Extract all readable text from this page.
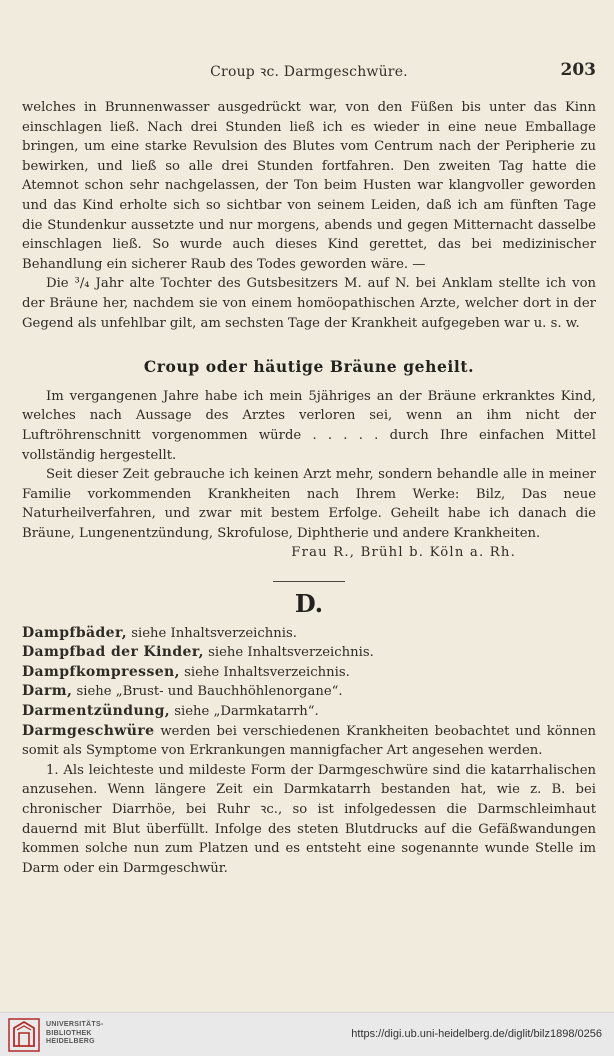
Croup ꝛc. Darmgeschwüre.	203

welches in Brunnenwasser ausgedrückt war, von den Füßen bis unter das Kinn einschlagen ließ. Nach drei Stunden ließ ich es wieder in eine neue Emballage bringen, um eine starke Revulsion des Blutes vom Centrum nach der Peripherie zu bewirken, und ließ so alle drei Stunden fortfahren. Den zweiten Tag hatte die Atemnot schon sehr nachgelassen, der Ton beim Husten war klangvoller geworden und das Kind erholte sich so sichtbar von seinem Leiden, daß ich am fünften Tage die Stundenkur aussetzte und nur morgens, abends und gegen Mitternacht dasselbe einschlagen ließ. So wurde auch dieses Kind gerettet, das bei medizinischer Behandlung ein sicherer Raub des Todes geworden wäre. —

Die ³/₄ Jahr alte Tochter des Gutsbesitzers M. auf N. bei Anklam stellte ich von der Bräune her, nachdem sie von einem homöopathischen Arzte, welcher dort in der Gegend als unfehlbar gilt, am sechsten Tage der Krankheit aufgegeben war u. s. w.

Croup oder häutige Bräune geheilt.

Im vergangenen Jahre habe ich mein 5jähriges an der Bräune erkranktes Kind, welches nach Aussage des Arztes verloren sei, wenn an ihm nicht der Luftröhrenschnitt vorgenommen würde . . . . . durch Ihre einfachen Mittel vollständig hergestellt.

Seit dieser Zeit gebrauche ich keinen Arzt mehr, sondern behandle alle in meiner Familie vorkommenden Krankheiten nach Ihrem Werke: Bilz, Das neue Naturheilverfahren, und zwar mit bestem Erfolge. Geheilt habe ich danach die Bräune, Lungenentzündung, Skrofulose, Diphtherie und andere Krankheiten.

Frau R., Brühl b. Köln a. Rh.

D.

Dampfbäder, siehe Inhaltsverzeichnis.

Dampfbad der Kinder, siehe Inhaltsverzeichnis.

Dampfkompressen, siehe Inhaltsverzeichnis.

Darm, siehe „Brust- und Bauchhöhlenorgane“.

Darmentzündung, siehe „Darmkatarrh“.

Darmgeschwüre werden bei verschiedenen Krankheiten beobachtet und können somit als Symptome von Erkrankungen mannigfacher Art angesehen werden.

1. Als leichteste und mildeste Form der Darmgeschwüre sind die katarrhalischen anzusehen. Wenn längere Zeit ein Darmkatarrh bestanden hat, wie z. B. bei chronischer Diarrhöe, bei Ruhr ꝛc., so ist infolgedessen die Darmschleimhaut dauernd mit Blut überfüllt. Infolge des steten Blutdrucks auf die Gefäßwandungen kommen solche nun zum Platzen und es entsteht eine sogenannte wunde Stelle im Darm oder ein Darmgeschwür.

UNIVERSITÄTS-
BIBLIOTHEK
HEIDELBERG
https://digi.ub.uni-heidelberg.de/diglit/bilz1898/0256
